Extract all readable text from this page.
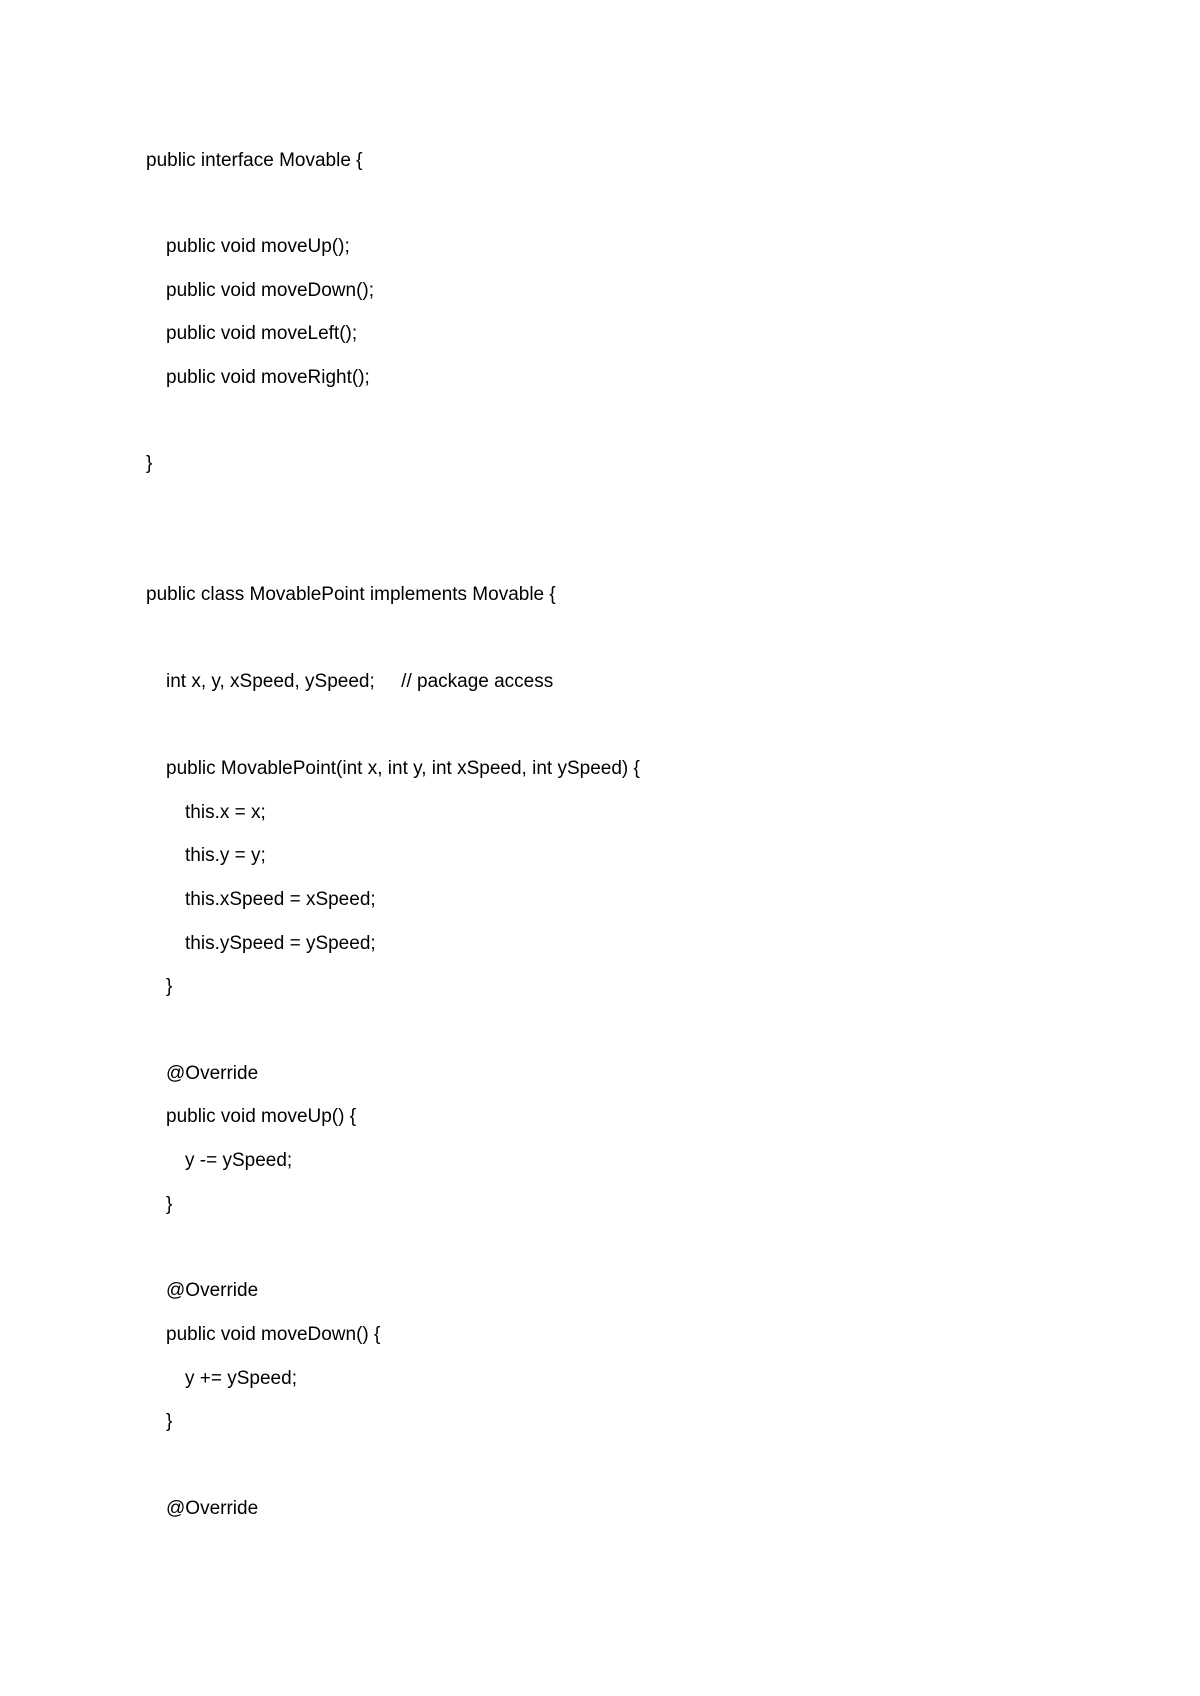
public interface Movable {

public void moveUp();

public void moveDown();

public void moveLeft();

public void moveRight();

}

public class MovablePoint implements Movable {

int x, y, xSpeed, ySpeed;     // package access

public MovablePoint(int x, int y, int xSpeed, int ySpeed) {

this.x = x;

this.y = y;

this.xSpeed = xSpeed;

this.ySpeed = ySpeed;

}

@Override

public void moveUp() {

y -= ySpeed;

}

@Override

public void moveDown() {

y += ySpeed;

}

@Override
